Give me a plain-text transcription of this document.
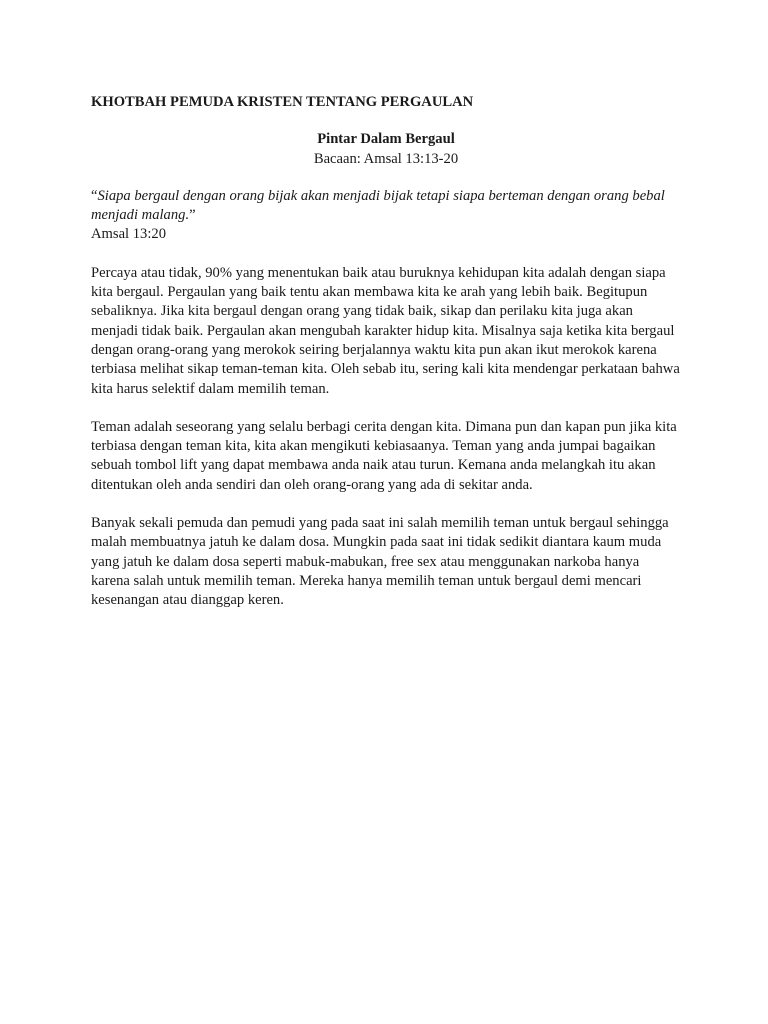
KHOTBAH PEMUDA KRISTEN TENTANG PERGAULAN

Pintar Dalam Bergaul

Bacaan: Amsal 13:13-20

“Siapa bergaul dengan orang bijak akan menjadi bijak tetapi siapa berteman dengan orang bebal menjadi malang.”

Amsal 13:20

Percaya atau tidak, 90% yang menentukan baik atau buruknya kehidupan kita adalah dengan siapa kita bergaul. Pergaulan yang baik tentu akan membawa kita ke arah yang lebih baik. Begitupun sebaliknya. Jika kita bergaul dengan orang yang tidak baik, sikap dan perilaku kita juga akan menjadi tidak baik. Pergaulan akan mengubah karakter hidup kita. Misalnya saja ketika kita bergaul dengan orang-orang yang merokok seiring berjalannya waktu kita pun akan ikut merokok karena terbiasa melihat sikap teman-teman kita. Oleh sebab itu, sering kali kita mendengar perkataan bahwa kita harus selektif dalam memilih teman.

Teman adalah seseorang yang selalu berbagi cerita dengan kita. Dimana pun dan kapan pun jika kita terbiasa dengan teman kita, kita akan mengikuti kebiasaanya. Teman yang anda jumpai bagaikan sebuah tombol lift yang dapat membawa anda naik atau turun. Kemana anda melangkah itu akan ditentukan oleh anda sendiri dan oleh orang-orang yang ada di sekitar anda.

Banyak sekali pemuda dan pemudi yang pada saat ini salah memilih teman untuk bergaul sehingga malah membuatnya jatuh ke dalam dosa. Mungkin pada saat ini tidak sedikit diantara kaum muda yang jatuh ke dalam dosa seperti mabuk-mabukan, free sex atau menggunakan narkoba hanya karena salah untuk memilih teman. Mereka hanya memilih teman untuk bergaul demi mencari kesenangan atau dianggap keren.
